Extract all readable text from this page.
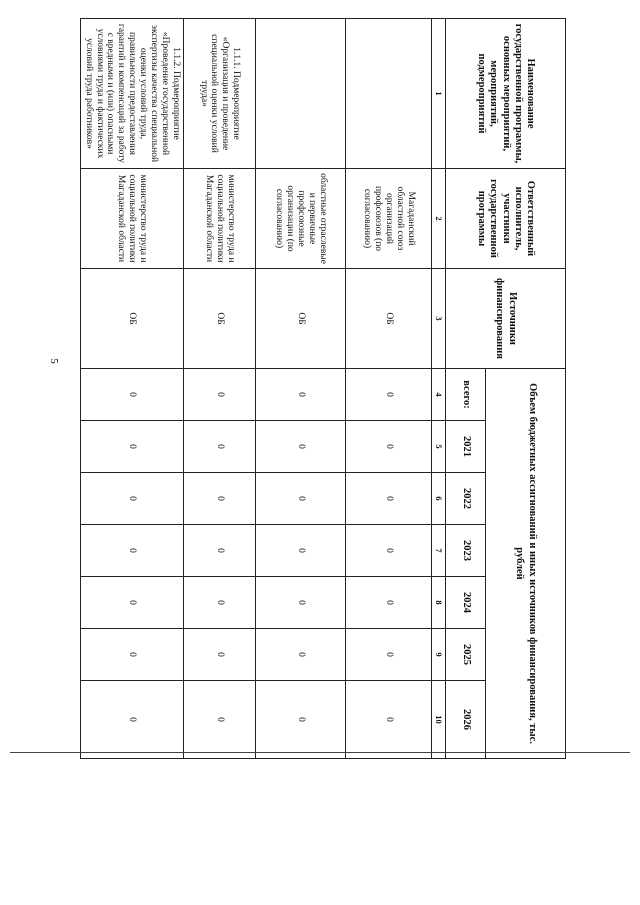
5
Наименование государственной программы, основных мероприятий, мероприятий, подмероприятий	Ответственный исполнитель, участники государственной программы	Источники финансирования	Объем бюджетных ассигнований и иных источников финансирования, тыс. рублей						
			всего:	2021	2022	2023	2024	2025	2026
1	2	3	4	5	6	7	8	9	10
	Магаданский областной союз организаций профсоюзов (по согласованию)	ОБ	0	0	0	0	0	0	0
	областные отраслевые и первичные профсоюзные организации (по согласованию)	ОБ	0	0	0	0	0	0	0
1.1.1. Подмероприятие «Организация и проведение специальной оценки условий труда»	министерство труда и социальной политики Магаданской области	ОБ	0	0	0	0	0	0	0
1.1.2. Подмероприятие «Проведение государственной экспертизы качества специальной оценки условий труда, правильности предоставления гарантий и компенсаций за работу с вредными и (или) опасными условиями труда и фактических условий труда работников»	министерство труда и социальной политики Магаданской области	ОБ	0	0	0	0	0	0	0
